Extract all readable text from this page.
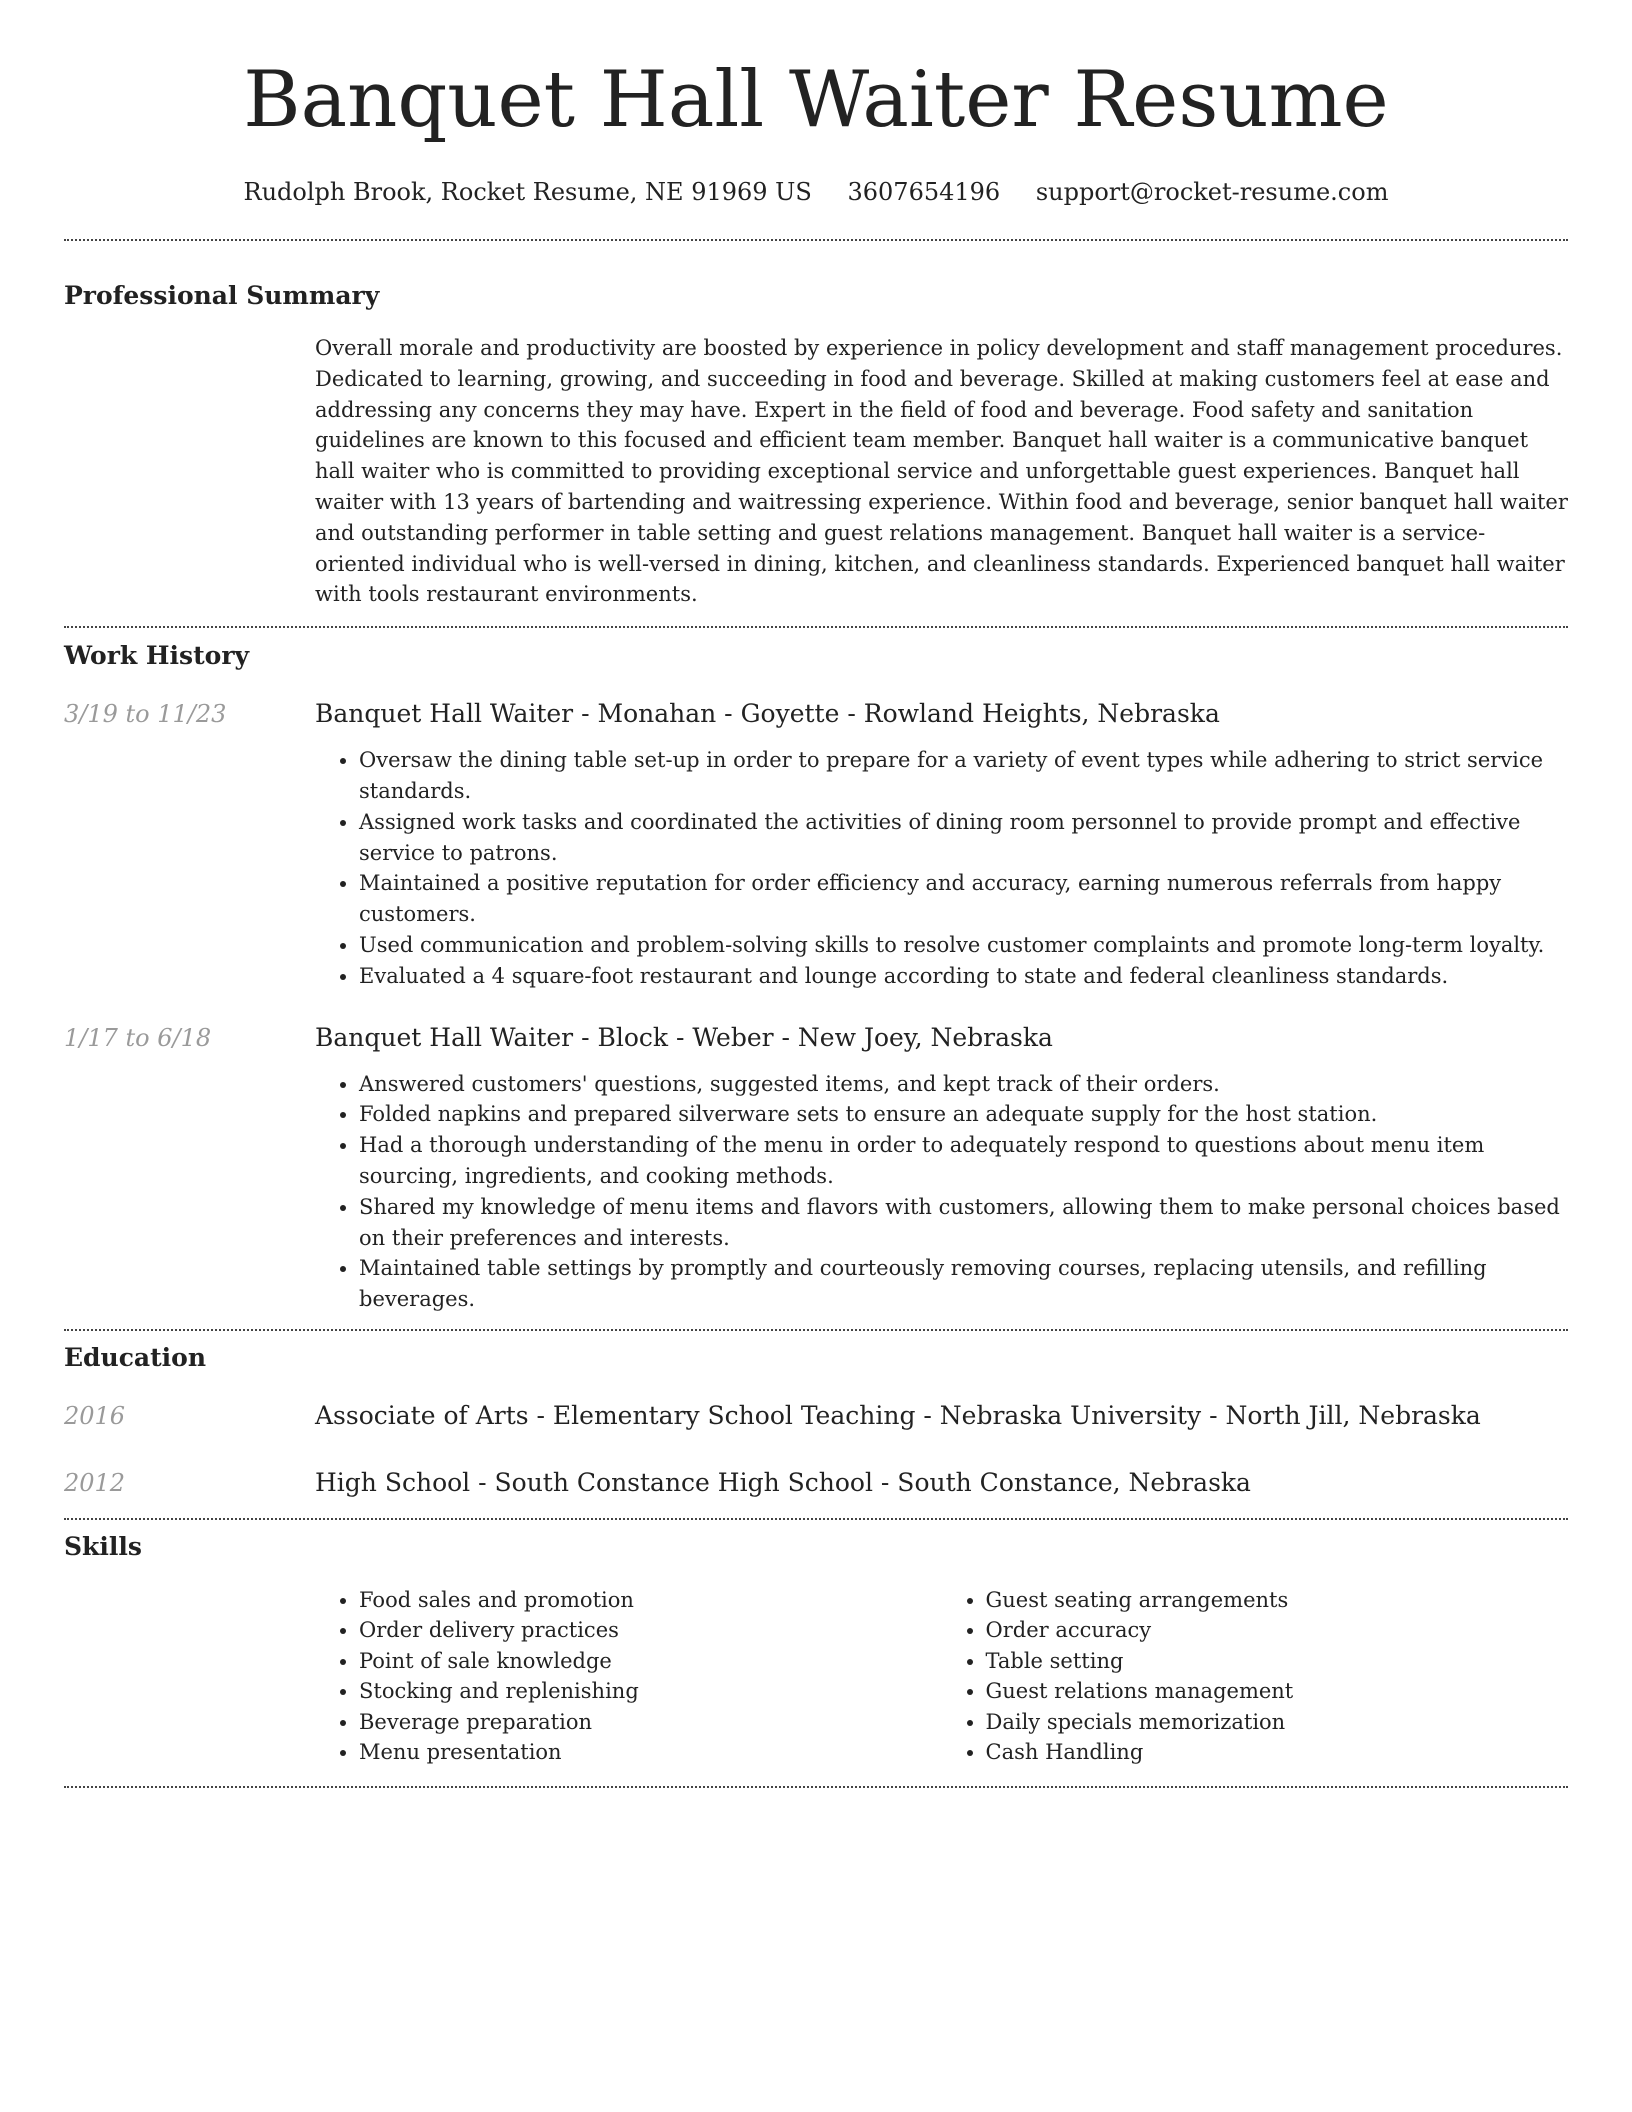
Banquet Hall Waiter Resume
Rudolph Brook, Rocket Resume, NE 91969 US 3607654196 support@rocket-resume.com
Professional Summary
Overall morale and productivity are boosted by experience in policy development and staff management procedures. Dedicated to learning, growing, and succeeding in food and beverage. Skilled at making customers feel at ease and addressing any concerns they may have. Expert in the field of food and beverage. Food safety and sanitation guidelines are known to this focused and efficient team member. Banquet hall waiter is a communicative banquet hall waiter who is committed to providing exceptional service and unforgettable guest experiences. Banquet hall waiter with 13 years of bartending and waitressing experience. Within food and beverage, senior banquet hall waiter and outstanding performer in table setting and guest relations management. Banquet hall waiter is a service-oriented individual who is well-versed in dining, kitchen, and cleanliness standards. Experienced banquet hall waiter with tools restaurant environments.
Work History
3/19 to 11/23	Banquet Hall Waiter - Monahan - Goyette - Rowland Heights, Nebraska
• Oversaw the dining table set-up in order to prepare for a variety of event types while adhering to strict service standards.
• Assigned work tasks and coordinated the activities of dining room personnel to provide prompt and effective service to patrons.
• Maintained a positive reputation for order efficiency and accuracy, earning numerous referrals from happy customers.
• Used communication and problem-solving skills to resolve customer complaints and promote long-term loyalty.
• Evaluated a 4 square-foot restaurant and lounge according to state and federal cleanliness standards.
1/17 to 6/18	Banquet Hall Waiter - Block - Weber - New Joey, Nebraska
• Answered customers' questions, suggested items, and kept track of their orders.
• Folded napkins and prepared silverware sets to ensure an adequate supply for the host station.
• Had a thorough understanding of the menu in order to adequately respond to questions about menu item sourcing, ingredients, and cooking methods.
• Shared my knowledge of menu items and flavors with customers, allowing them to make personal choices based on their preferences and interests.
• Maintained table settings by promptly and courteously removing courses, replacing utensils, and refilling beverages.
Education
2016	Associate of Arts - Elementary School Teaching - Nebraska University - North Jill, Nebraska
2012	High School - South Constance High School - South Constance, Nebraska
Skills
• Food sales and promotion
• Order delivery practices
• Point of sale knowledge
• Stocking and replenishing
• Beverage preparation
• Menu presentation
• Guest seating arrangements
• Order accuracy
• Table setting
• Guest relations management
• Daily specials memorization
• Cash Handling
